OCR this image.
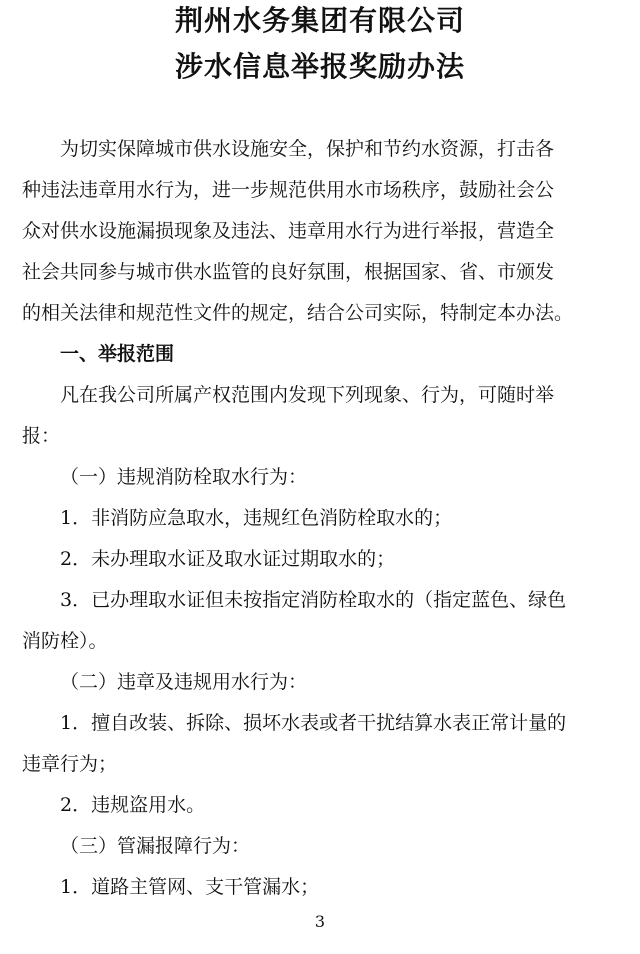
荆州水务集团有限公司
涉水信息举报奖励办法
为切实保障城市供水设施安全，保护和节约水资源，打击各
种违法违章用水行为，进一步规范供用水市场秩序，鼓励社会公
众对供水设施漏损现象及违法、违章用水行为进行举报，营造全
社会共同参与城市供水监管的良好氛围，根据国家、省、市颁发
的相关法律和规范性文件的规定，结合公司实际，特制定本办法。
一、举报范围
凡在我公司所属产权范围内发现下列现象、行为，可随时举
报：
（一）违规消防栓取水行为：
1．非消防应急取水，违规红色消防栓取水的；
2．未办理取水证及取水证过期取水的；
3．已办理取水证但未按指定消防栓取水的（指定蓝色、绿色
消防栓）。
（二）违章及违规用水行为：
1．擅自改装、拆除、损坏水表或者干扰结算水表正常计量的
违章行为；
2．违规盗用水。
（三）管漏报障行为：
1．道路主管网、支干管漏水；
3
